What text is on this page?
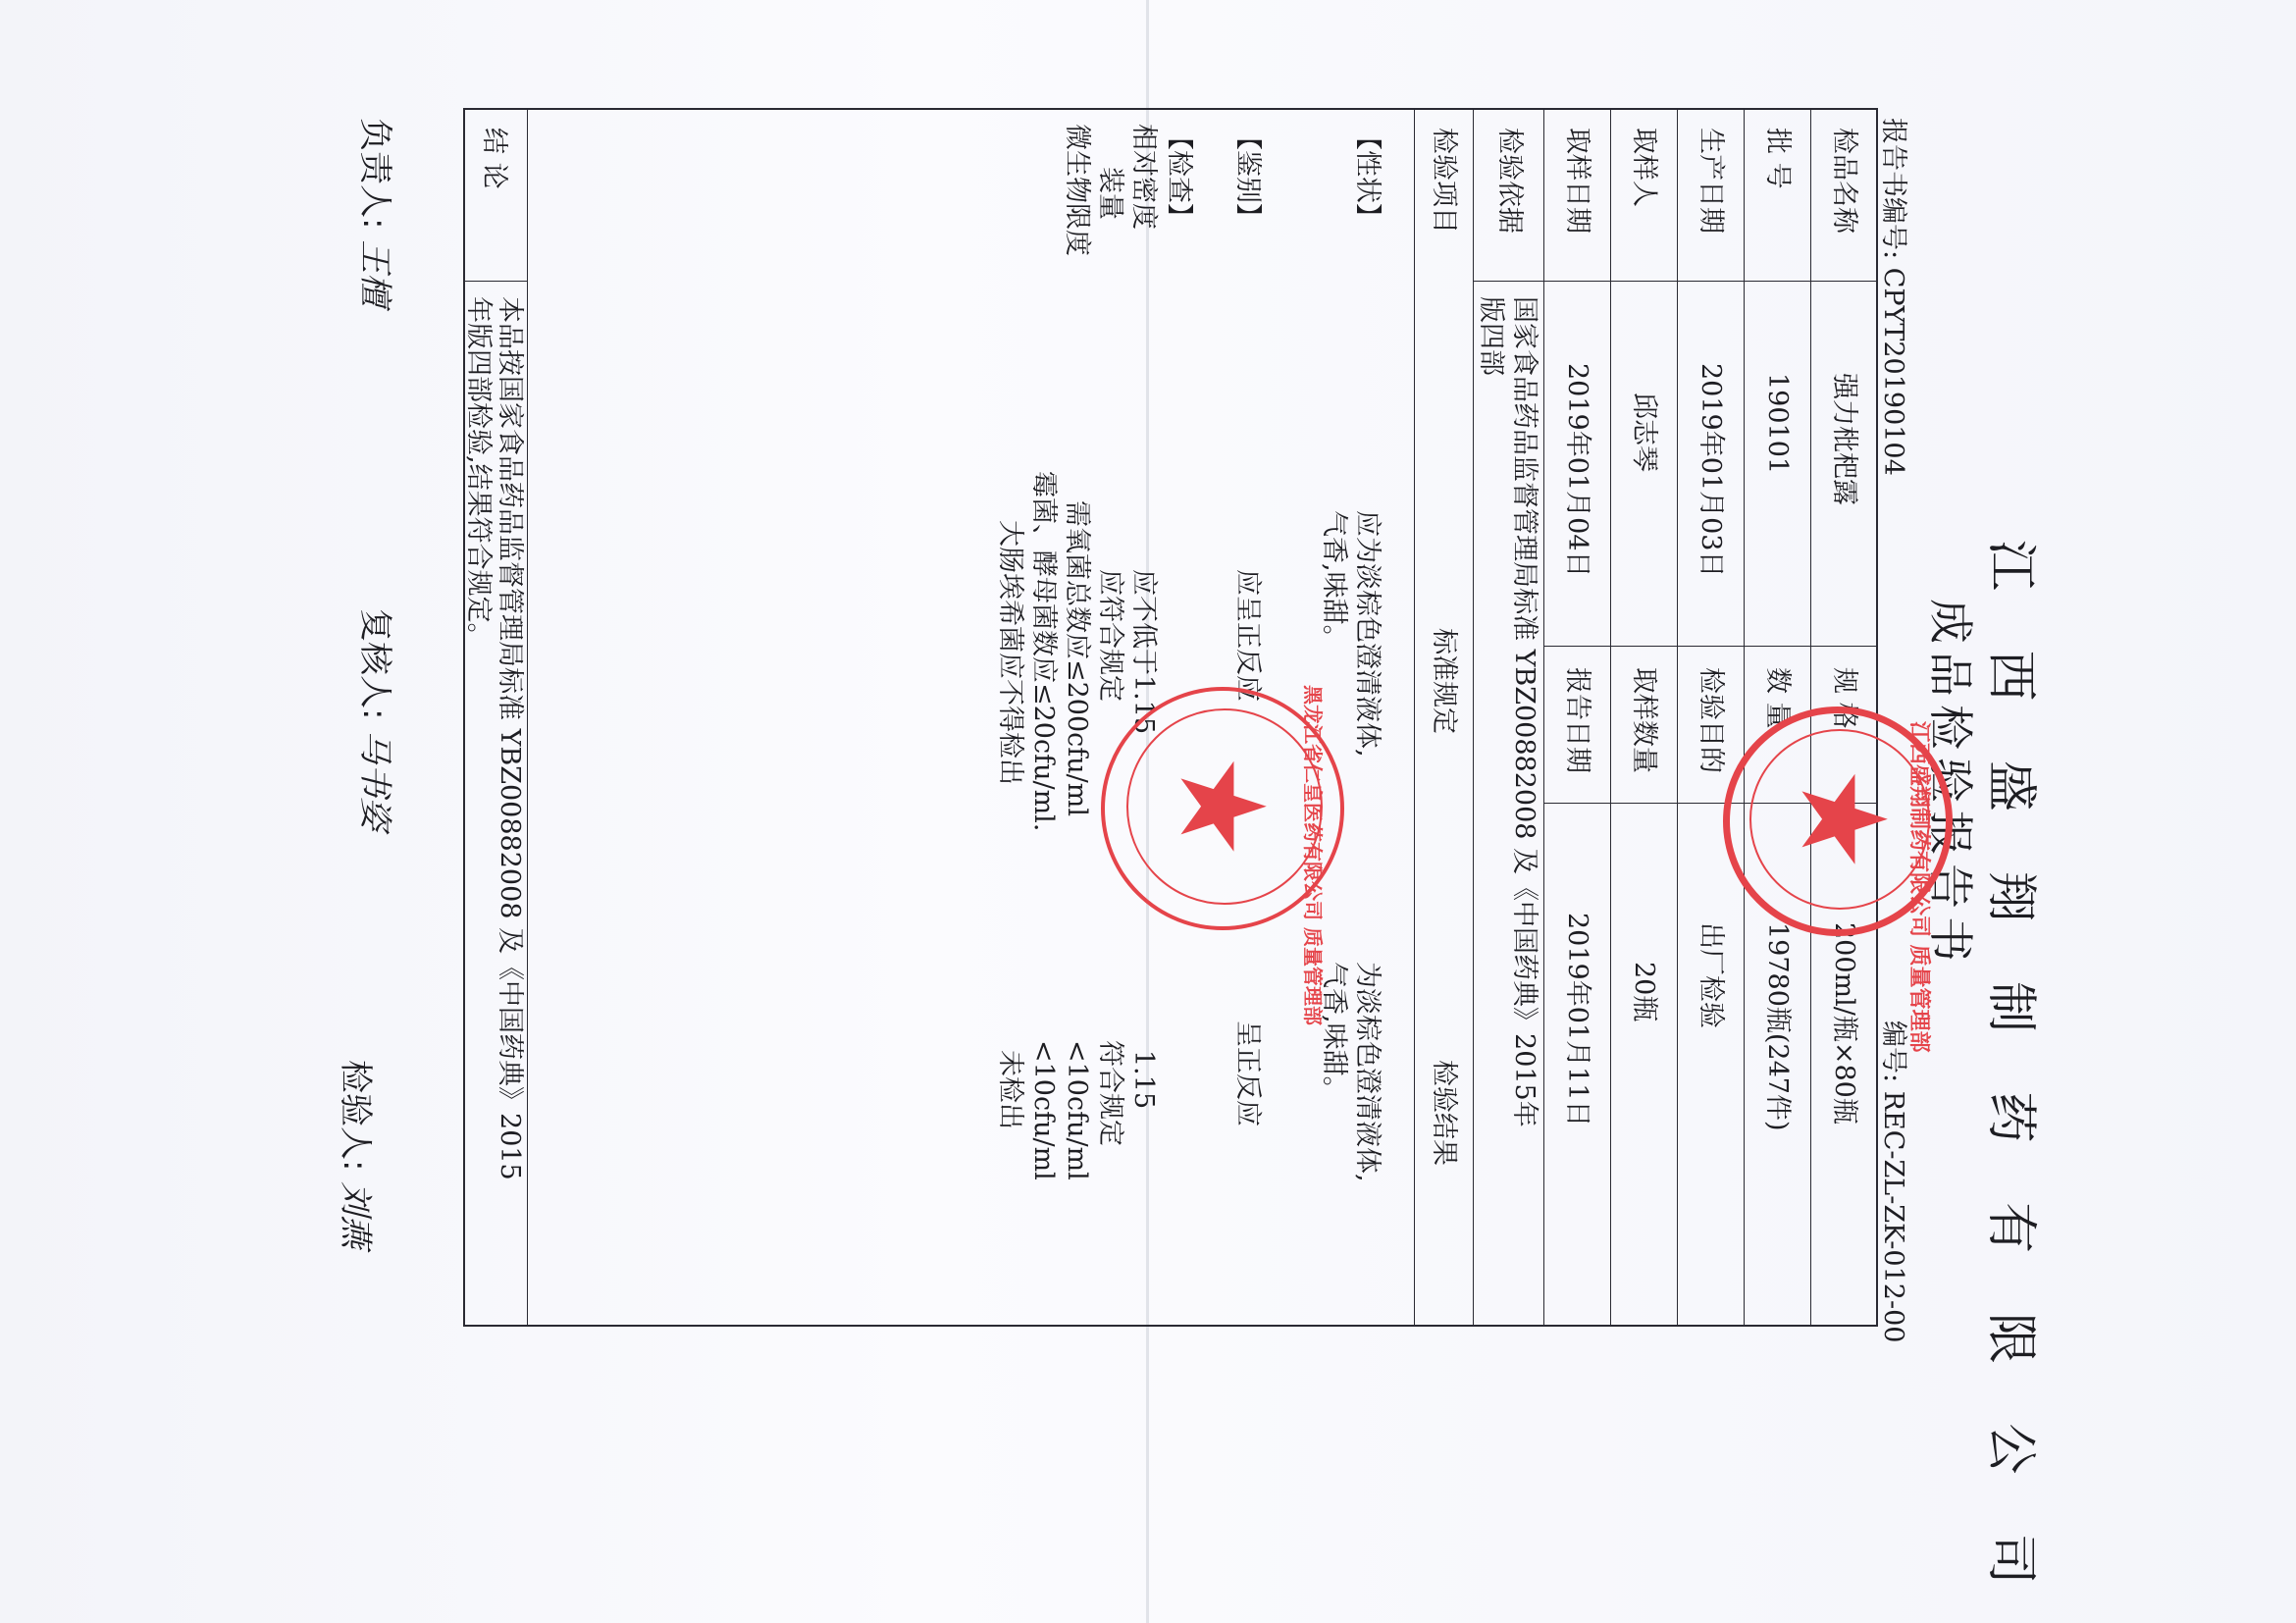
江 西 盛 翔 制 药 有 限 公 司
成品检验报告书
报告书编号: CPYT20190104
编号: REC-ZL-ZK-012-00
检品名称
强力枇杷露
规 格
200ml/瓶×80瓶
批 号
190101
数 量
19780瓶(247件)
生产日期
2019年01月03日
检验目的
出厂检验
取样人
邱志琴
取样数量
20瓶
取样日期
2019年01月04日
报告日期
2019年01月11日
检验依据
国家食品药品监督管理局标准 YBZ00882008 及《中国药典》2015年
版四部
检验项目
标准规定
检验结果
【性状】
应为淡棕色澄清液体,
气香,味甜。
为淡棕色澄清液体,
气香,味甜。
【鉴别】
应呈正反应
呈正反应
【检查】
相对密度
应不低于1.15
1.15
装量
应符合规定
符合规定
微生物限度
需氧菌总数应≤200cfu/ml
<10cfu/ml
霉菌、酵母菌数应≤20cfu/ml.
<10cfu/ml
大肠埃希菌应不得检出
未检出
结 论
本品按国家食品药品监督管理局标准 YBZ00882008 及《中国药典》2015
年版四部检验,结果符合规定。
负责人: 王檀
复核人: 马书姿
检验人: 刘燕
★
江西盛翔制药有限公司 质量管理部
★ 黑龙江省仁皇医药有限公司 质量管理部
